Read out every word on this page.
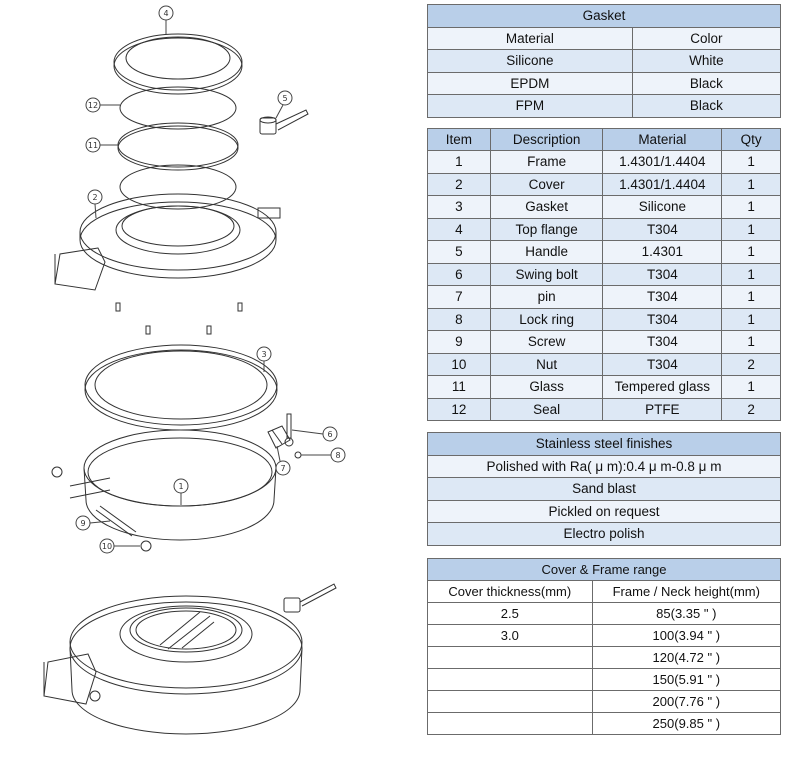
4
12
5
11
2
3
6
8
7
1
9
10
Gasket	
Material	Color
Silicone	White
EPDM	Black
FPM	Black
Item	Description	Material	Qty
1	Frame	1.4301/1.4404	1
2	Cover	1.4301/1.4404	1
3	Gasket	Silicone	1
4	Top flange	T304	1
5	Handle	1.4301	1
6	Swing bolt	T304	1
7	pin	T304	1
8	Lock ring	T304	1
9	Screw	T304	1
10	Nut	T304	2
11	Glass	Tempered glass	1
12	Seal	PTFE	2
Stainless steel finishes
Polished with Ra( μ m):0.4 μ m-0.8 μ m
Sand blast
Pickled on request
Electro polish
Cover & Frame range	
Cover thickness(mm)	Frame / Neck height(mm)
2.5	85(3.35 " )
3.0	100(3.94 " )
	120(4.72 " )
	150(5.91 " )
	200(7.76 " )
	250(9.85 " )
